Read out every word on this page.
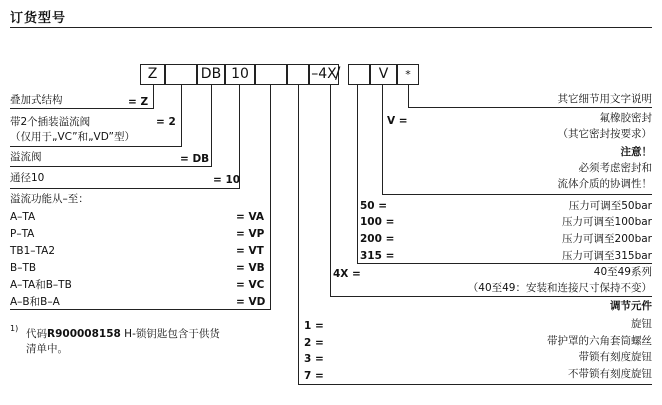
订货型号
Z	DB 10	–4X
/	V	*
叠加式结构	= Z
带2个插装溢流阀	= 2
（仅用于„VC”和„VD”型）
溢流阀	= DB
通径10	= 10
溢流功能从–至：
A–TA	= VA
P–TA	= VP
TB1–TA2	= VT
B–TB	= VB
A–TA和B–TB	= VC
A–B和B–A	= VD
1) 代码R900008158 H-锁钥匙包含于供货
清单中。
其它细节用文字说明
V =	氟橡胶密封
（其它密封按要求）
注意！
必须考虑密封和
流体介质的协调性！
50 =	压力可调至50bar
100 =	压力可调至100bar
200 =	压力可调至200bar
315 =	压力可调至315bar
4X =	40至49系列
（40至49：安装和连接尺寸保持不变）
调节元件
1 =	旋钮
2 =	带护罩的六角套筒螺丝
3 =	带锁有刻度旋钮
7 =	不带锁有刻度旋钮
